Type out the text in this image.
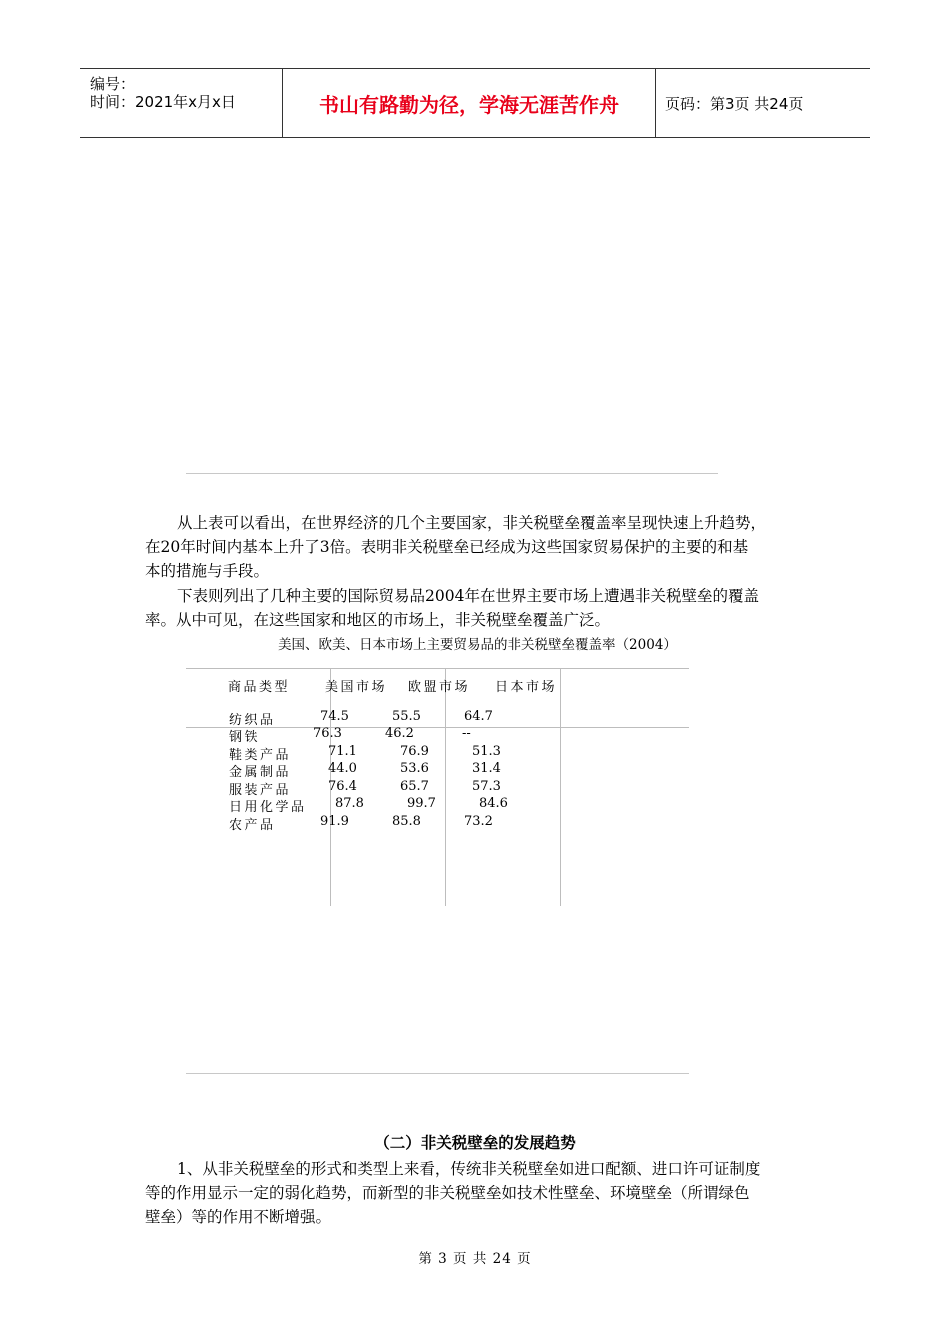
编号：
时间：2021年x月x日	书山有路勤为径，学海无涯苦作舟	页码：第3页 共24页
从上表可以看出，在世界经济的几个主要国家，非关税壁垒覆盖率呈现快速上升趋势，
在20年时间内基本上升了3倍。表明非关税壁垒已经成为这些国家贸易保护的主要的和基
本的措施与手段。
下表则列出了几种主要的国际贸易品2004年在世界主要市场上遭遇非关税壁垒的覆盖
率。从中可见，在这些国家和地区的市场上，非关税壁垒覆盖广泛。
美国、欧美、日本市场上主要贸易品的非关税壁垒覆盖率（2004）
商品类型	美国市场 欧盟市场 日本市场
纺织品	74.5	55.5	64.7
钢铁	76.3	46.2	--
鞋类产品	71.1	76.9	51.3
金属制品	44.0	53.6	31.4
服装产品	76.4	65.7	57.3
日用化学品 87.8	99.7	84.6
农产品	91.9	85.8	73.2
（二）非关税壁垒的发展趋势
1、从非关税壁垒的形式和类型上来看，传统非关税壁垒如进口配额、进口许可证制度
等的作用显示一定的弱化趋势，而新型的非关税壁垒如技术性壁垒、环境壁垒（所谓绿色
壁垒）等的作用不断增强。
第 3 页 共 24 页
